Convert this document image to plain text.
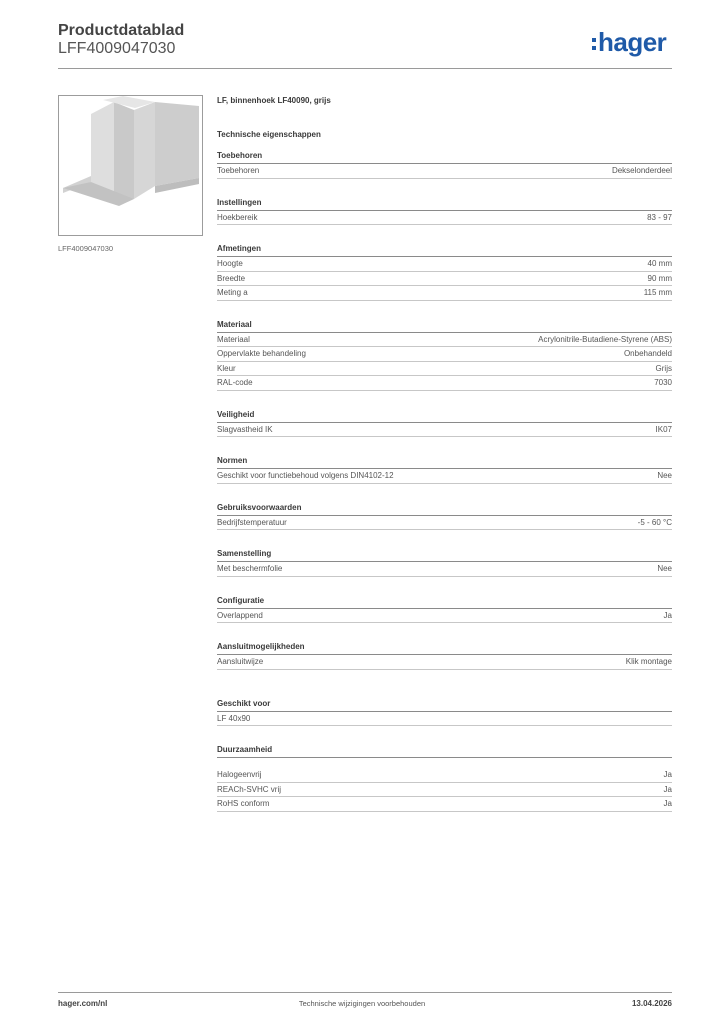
Productdatablad
LFF4009047030	hager
LFF4009047030
LF, binnenhoek LF40090, grijs
Technische eigenschappen
Toebehoren
Toebehoren	Dekselonderdeel
Instellingen
Hoekbereik	83 - 97
Afmetingen
Hoogte	40 mm
Breedte	90 mm
Meting a	115 mm
Materiaal
Materiaal	Acrylonitrile-Butadiene-Styrene (ABS)
Oppervlakte behandeling	Onbehandeld
Kleur	Grijs
RAL-code	7030
Veiligheid
Slagvastheid IK	IK07
Normen
Geschikt voor functiebehoud volgens DIN4102-12	Nee
Gebruiksvoorwaarden
Bedrijfstemperatuur	-5 - 60 °C
Samenstelling
Met beschermfolie	Nee
Configuratie
Overlappend	Ja
Aansluitmogelijkheden
Aansluitwijze	Klik montage
Geschikt voor
LF 40x90
Duurzaamheid
Halogeenvrij	Ja
REACh-SVHC vrij	Ja
RoHS conform	Ja
hager.com/nl	Technische wijzigingen voorbehouden	13.04.2026
